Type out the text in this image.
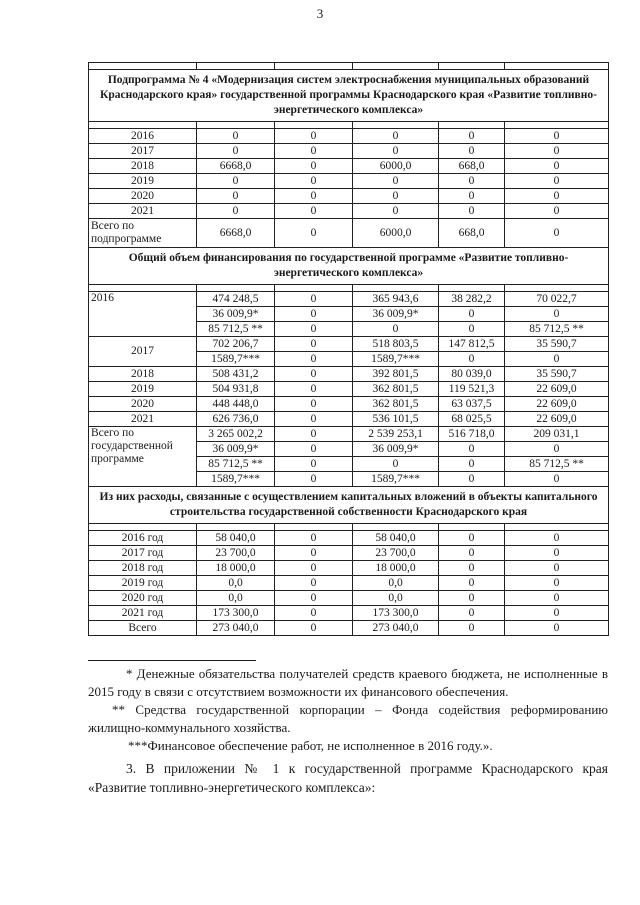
3

Подпрограмма № 4 «Модернизация систем электроснабжения муниципальных образований Краснодарского края» государственной программы Краснодарского края «Развитие топливно-энергетического комплекса»					

2016	0	0	0	0	0
2017	0	0	0	0	0
2018	6668,0	0	6000,0	668,0	0
2019	0	0	0	0	0
2020	0	0	0	0	0
2021	0	0	0	0	0
Всего по подпрограмме	6668,0	0	6000,0	668,0	0
Общий объем финансирования по государственной программе «Развитие топливно-энергетического комплекса»					

2016	474 248,5	0	365 943,6	38 282,2	70 022,7
	36 009,9*	0	36 009,9*	0	0
	85 712,5 **	0	0	0	85 712,5 **
2017	702 206,7	0	518 803,5	147 812,5	35 590,7
	1589,7***	0	1589,7***	0	0
2018	508 431,2	0	392 801,5	80 039,0	35 590,7
2019	504 931,8	0	362 801,5	119 521,3	22 609,0
2020	448 448,0	0	362 801,5	63 037,5	22 609,0
2021	626 736,0	0	536 101,5	68 025,5	22 609,0
Всего по государственной программе	3 265 002,2	0	2 539 253,1	516 718,0	209 031,1
	36 009,9*	0	36 009,9*	0	0
	85 712,5 **	0	0	0	85 712,5 **
	1589,7***	0	1589,7***	0	0
Из них расходы, связанные с осуществлением капитальных вложений в объекты капитального строительства государственной собственности Краснодарского края					

2016 год	58 040,0	0	58 040,0	0	0
2017 год	23 700,0	0	23 700,0	0	0
2018 год	18 000,0	0	18 000,0	0	0
2019 год	0,0	0	0,0	0	0
2020 год	0,0	0	0,0	0	0
2021 год	173 300,0	0	173 300,0	0	0
Всего	273 040,0	0	273 040,0	0	0

* Денежные обязательства получателей средств краевого бюджета, не исполненные в 2015 году в связи с отсутствием возможности их финансового обеспечения.

** Средства государственной корпорации – Фонда содействия реформированию жилищно-коммунального хозяйства.

***Финансовое обеспечение работ, не исполненное в 2016 году.».

3. В приложении № 1 к государственной программе Краснодарского края «Развитие топливно-энергетического комплекса»:
